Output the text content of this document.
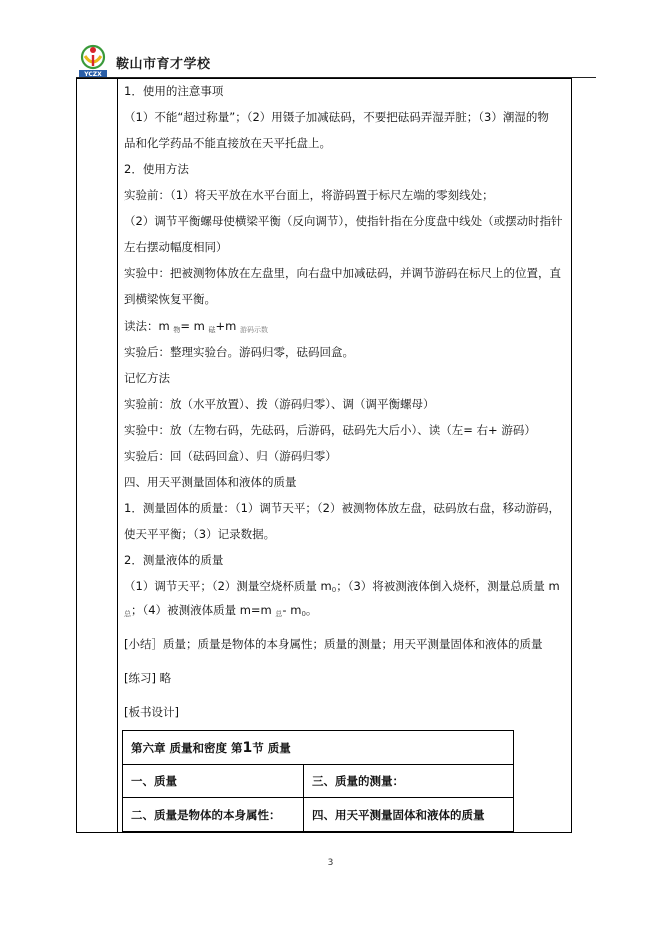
YCZX
鞍山市育才学校
1．使用的注意事项
（1）不能“超过称量”；（2）用镊子加减砝码，不要把砝码弄湿弄脏；（3）潮湿的物
品和化学药品不能直接放在天平托盘上。
2．使用方法
实验前：（1）将天平放在水平台面上，将游码置于标尺左端的零刻线处；
（2）调节平衡螺母使横梁平衡（反向调节），使指针指在分度盘中线处（或摆动时指针
左右摆动幅度相同）
实验中：把被测物体放在左盘里，向右盘中加减砝码，并调节游码在标尺上的位置，直
到横梁恢复平衡。
读法：m $_物$= m $_砝$+m 游码示数
实验后：整理实验台。游码归零，砝码回盒。
记忆方法
实验前：放（水平放置）、拨（游码归零）、调（调平衡螺母）
实验中：放（左物右码，先砝码，后游码，砝码先大后小）、读（左= 右+ 游码）
实验后：回（砝码回盒）、归（游码归零）
四、用天平测量固体和液体的质量
1．测量固体的质量：（1）调节天平；（2）被测物体放左盘，砝码放右盘，移动游码，
使天平平衡；（3）记录数据。
2．测量液体的质量
（1）调节天平；（2）测量空烧杯质量 $m_0$；（3）将被测液体倒入烧杯，测量总质量 m
$_总$；（4）被测液体质量 m=m $_总$- $m_0$。
[小结］质量；质量是物体的本身属性；质量的测量；用天平测量固体和液体的质量
[练习] 略
[板书设计]
第六章 质量和密度 第1节 质量	
一、质量	三、质量的测量：
二、质量是物体的本身属性：	四、用天平测量固体和液体的质量
3
